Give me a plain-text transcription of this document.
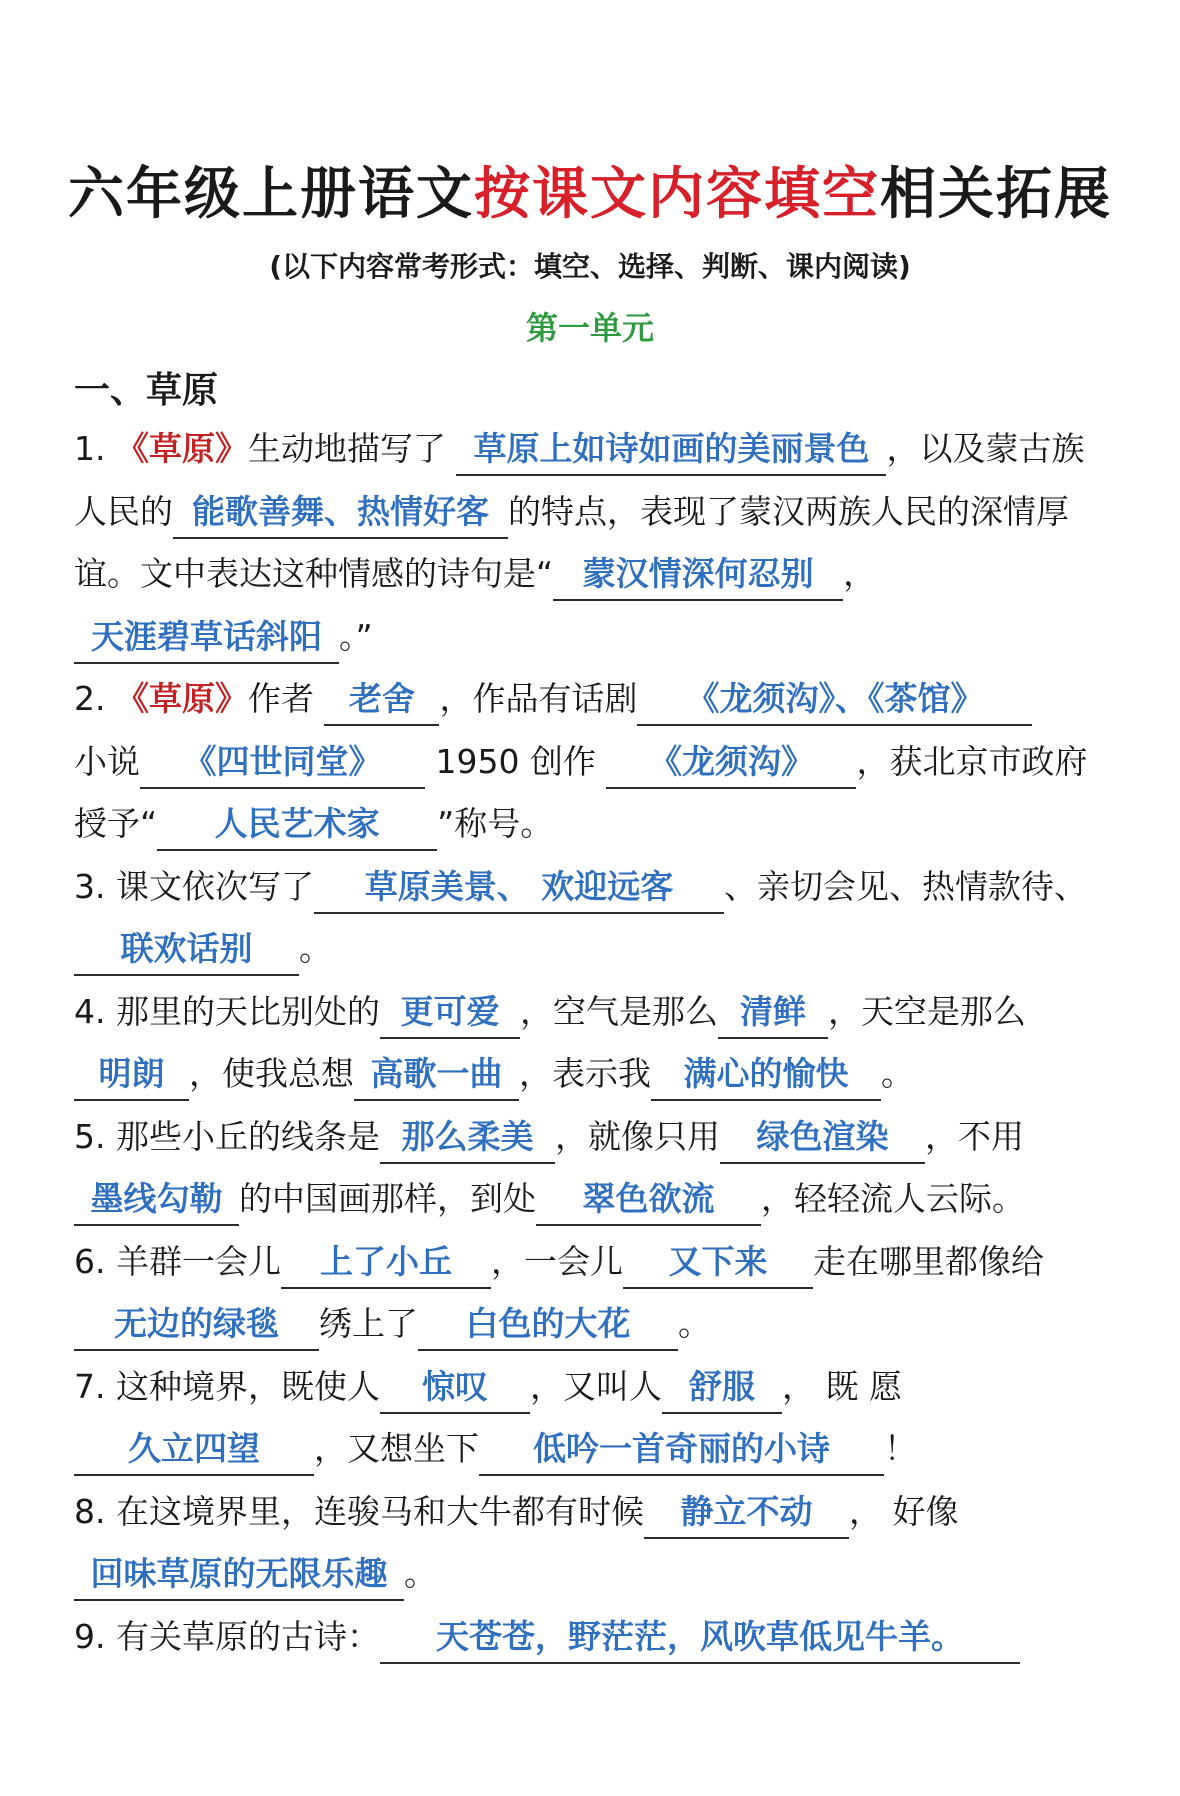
六年级上册语文按课文内容填空相关拓展
(以下内容常考形式：填空、选择、判断、课内阅读)
第一单元
一、草原

1. 《草原》生动地描写了 草原上如诗如画的美丽景色 ，以及蒙古族人民的 能歌善舞、热情好客 的特点，表现了蒙汉两族人民的深情厚谊。文中表达这种情感的诗句是“ 蒙汉情深何忍别 ，
天涯碧草话斜阳 。”

2. 《草原》作者 老舍 ，作品有话剧 《龙须沟》、《茶馆》
小说 《四世同堂》 1950 创作 《龙须沟》 ，获北京市政府授予“ 人民艺术家 ”称号。

3. 课文依次写了 草原美景、 欢迎远客 、亲切会见、热情款待、联欢话别 。

4. 那里的天比别处的 更可爱 ，空气是那么 清鲜 ，天空是那么明朗 ，使我总想 高歌一曲 ，表示我 满心的愉快 。

5. 那些小丘的线条是 那么柔美 ，就像只用 绿色渲染 ，不用
墨线勾勒 的中国画那样，到处 翠色欲流 ，轻轻流人云际。

6. 羊群一会儿 上了小丘 ，一会儿 又下来 走在哪里都像给
无边的绿毯 绣上了 白色的大花 。

7. 这种境界，既使人 惊叹 ，又叫人 舒服 ， 既 愿久立四望 ，又想坐下 低吟一首奇丽的小诗 ！

8. 在这境界里，连骏马和大牛都有时候 静立不动 ， 好像回味草原的无限乐趣 。

9. 有关草原的古诗： 天苍苍，野茫茫，风吹草低见牛羊。
